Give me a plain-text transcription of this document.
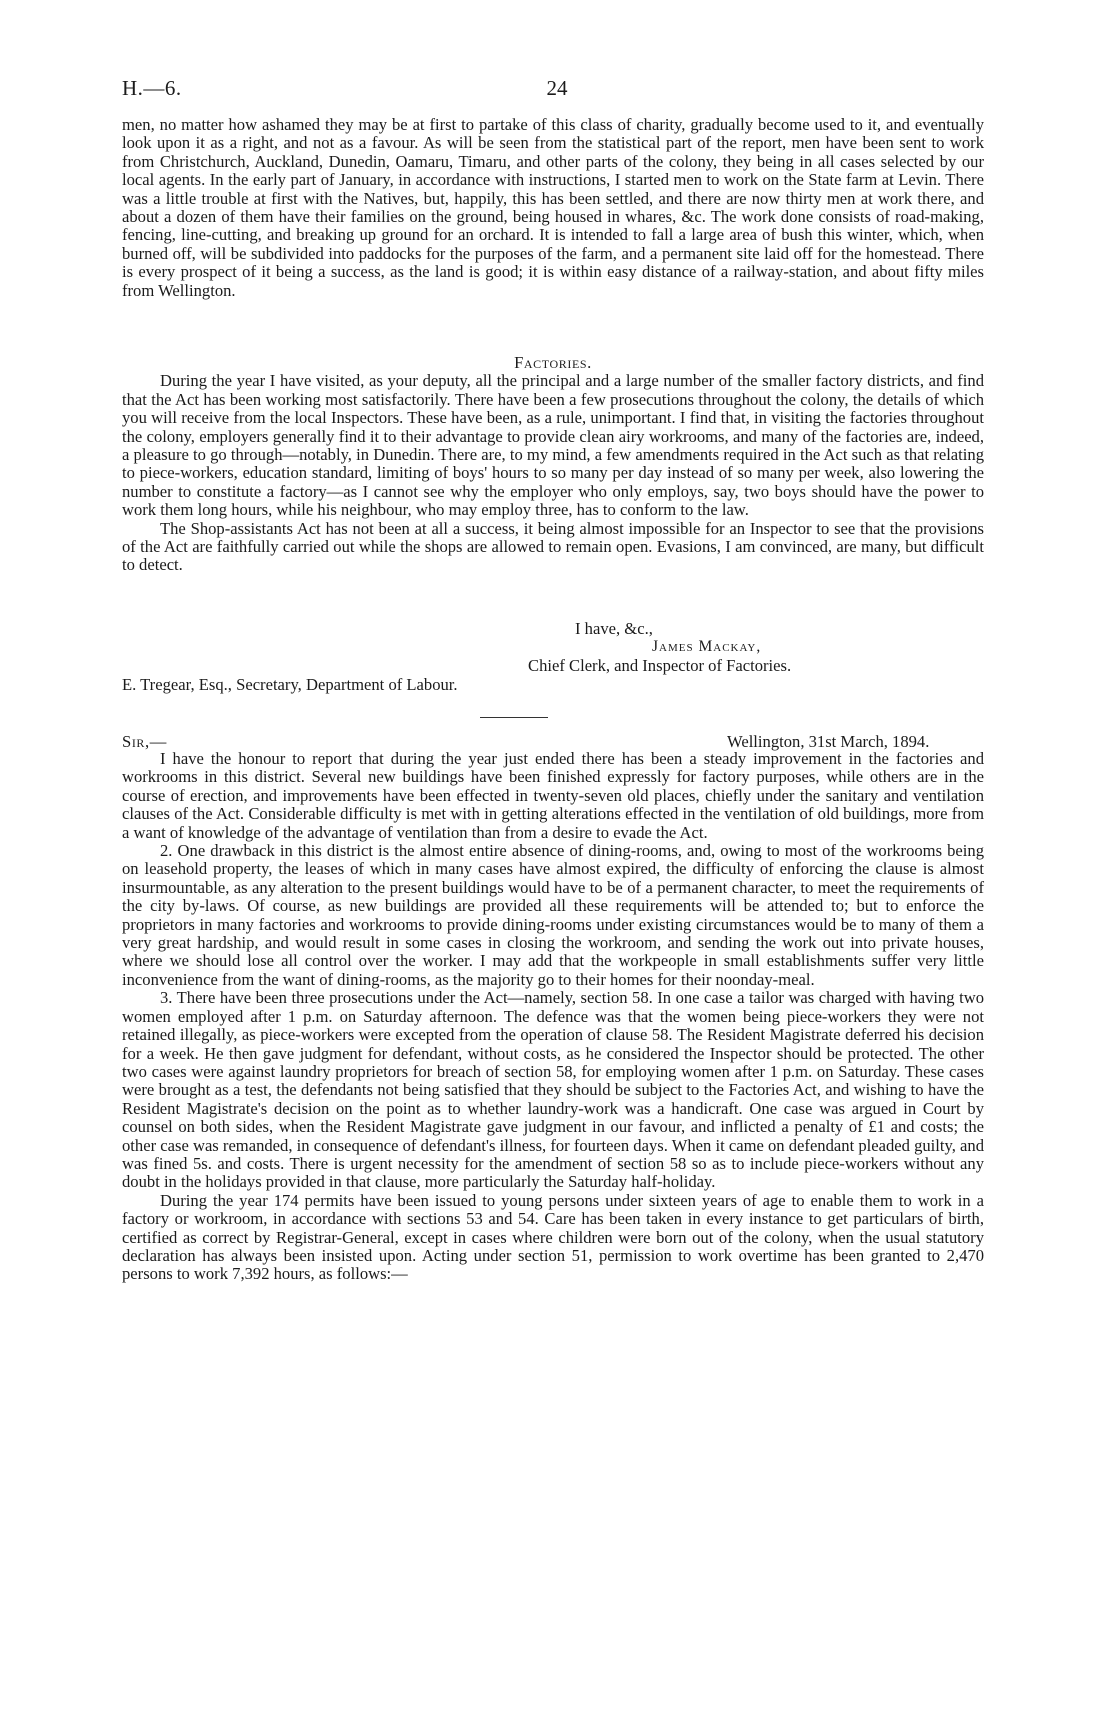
H.—6.	24

men, no matter how ashamed they may be at first to partake of this class of charity, gradually become used to it, and eventually look upon it as a right, and not as a favour. As will be seen from the statistical part of the report, men have been sent to work from Christchurch, Auckland, Dunedin, Oamaru, Timaru, and other parts of the colony, they being in all cases selected by our local agents. In the early part of January, in accordance with instructions, I started men to work on the State farm at Levin. There was a little trouble at first with the Natives, but, happily, this has been settled, and there are now thirty men at work there, and about a dozen of them have their families on the ground, being housed in whares, &c. The work done consists of road-making, fencing, line-cutting, and breaking up ground for an orchard. It is intended to fall a large area of bush this winter, which, when burned off, will be subdivided into paddocks for the purposes of the farm, and a permanent site laid off for the homestead. There is every prospect of it being a success, as the land is good; it is within easy distance of a railway-station, and about fifty miles from Wellington.

Factories.

During the year I have visited, as your deputy, all the principal and a large number of the smaller factory districts, and find that the Act has been working most satisfactorily. There have been a few prosecutions throughout the colony, the details of which you will receive from the local Inspectors. These have been, as a rule, unimportant. I find that, in visiting the factories throughout the colony, employers generally find it to their advantage to provide clean airy workrooms, and many of the factories are, indeed, a pleasure to go through—notably, in Dunedin. There are, to my mind, a few amendments required in the Act such as that relating to piece-workers, education standard, limiting of boys' hours to so many per day instead of so many per week, also lowering the number to constitute a factory—as I cannot see why the employer who only employs, say, two boys should have the power to work them long hours, while his neighbour, who may employ three, has to conform to the law.

The Shop-assistants Act has not been at all a success, it being almost impossible for an Inspector to see that the provisions of the Act are faithfully carried out while the shops are allowed to remain open. Evasions, I am convinced, are many, but difficult to detect.

I have, &c.,
James Mackay,
Chief Clerk, and Inspector of Factories.
E. Tregear, Esq., Secretary, Department of Labour.
Sir,—	Wellington, 31st March, 1894.

I have the honour to report that during the year just ended there has been a steady improvement in the factories and workrooms in this district. Several new buildings have been finished expressly for factory purposes, while others are in the course of erection, and improvements have been effected in twenty-seven old places, chiefly under the sanitary and ventilation clauses of the Act. Considerable difficulty is met with in getting alterations effected in the ventilation of old buildings, more from a want of knowledge of the advantage of ventilation than from a desire to evade the Act.

2. One drawback in this district is the almost entire absence of dining-rooms, and, owing to most of the workrooms being on leasehold property, the leases of which in many cases have almost expired, the difficulty of enforcing the clause is almost insurmountable, as any alteration to the present buildings would have to be of a permanent character, to meet the requirements of the city by-laws. Of course, as new buildings are provided all these requirements will be attended to; but to enforce the proprietors in many factories and workrooms to provide dining-rooms under existing circumstances would be to many of them a very great hardship, and would result in some cases in closing the workroom, and sending the work out into private houses, where we should lose all control over the worker. I may add that the workpeople in small establishments suffer very little inconvenience from the want of dining-rooms, as the majority go to their homes for their noonday-meal.

3. There have been three prosecutions under the Act—namely, section 58. In one case a tailor was charged with having two women employed after 1 p.m. on Saturday afternoon. The defence was that the women being piece-workers they were not retained illegally, as piece-workers were excepted from the operation of clause 58. The Resident Magistrate deferred his decision for a week. He then gave judgment for defendant, without costs, as he considered the Inspector should be protected. The other two cases were against laundry proprietors for breach of section 58, for employing women after 1 p.m. on Saturday. These cases were brought as a test, the defendants not being satisfied that they should be subject to the Factories Act, and wishing to have the Resident Magistrate's decision on the point as to whether laundry-work was a handicraft. One case was argued in Court by counsel on both sides, when the Resident Magistrate gave judgment in our favour, and inflicted a penalty of £1 and costs; the other case was remanded, in consequence of defendant's illness, for fourteen days. When it came on defendant pleaded guilty, and was fined 5s. and costs. There is urgent necessity for the amendment of section 58 so as to include piece-workers without any doubt in the holidays provided in that clause, more particularly the Saturday half-holiday.

During the year 174 permits have been issued to young persons under sixteen years of age to enable them to work in a factory or workroom, in accordance with sections 53 and 54. Care has been taken in every instance to get particulars of birth, certified as correct by Registrar-General, except in cases where children were born out of the colony, when the usual statutory declaration has always been insisted upon. Acting under section 51, permission to work overtime has been granted to 2,470 persons to work 7,392 hours, as follows:—
